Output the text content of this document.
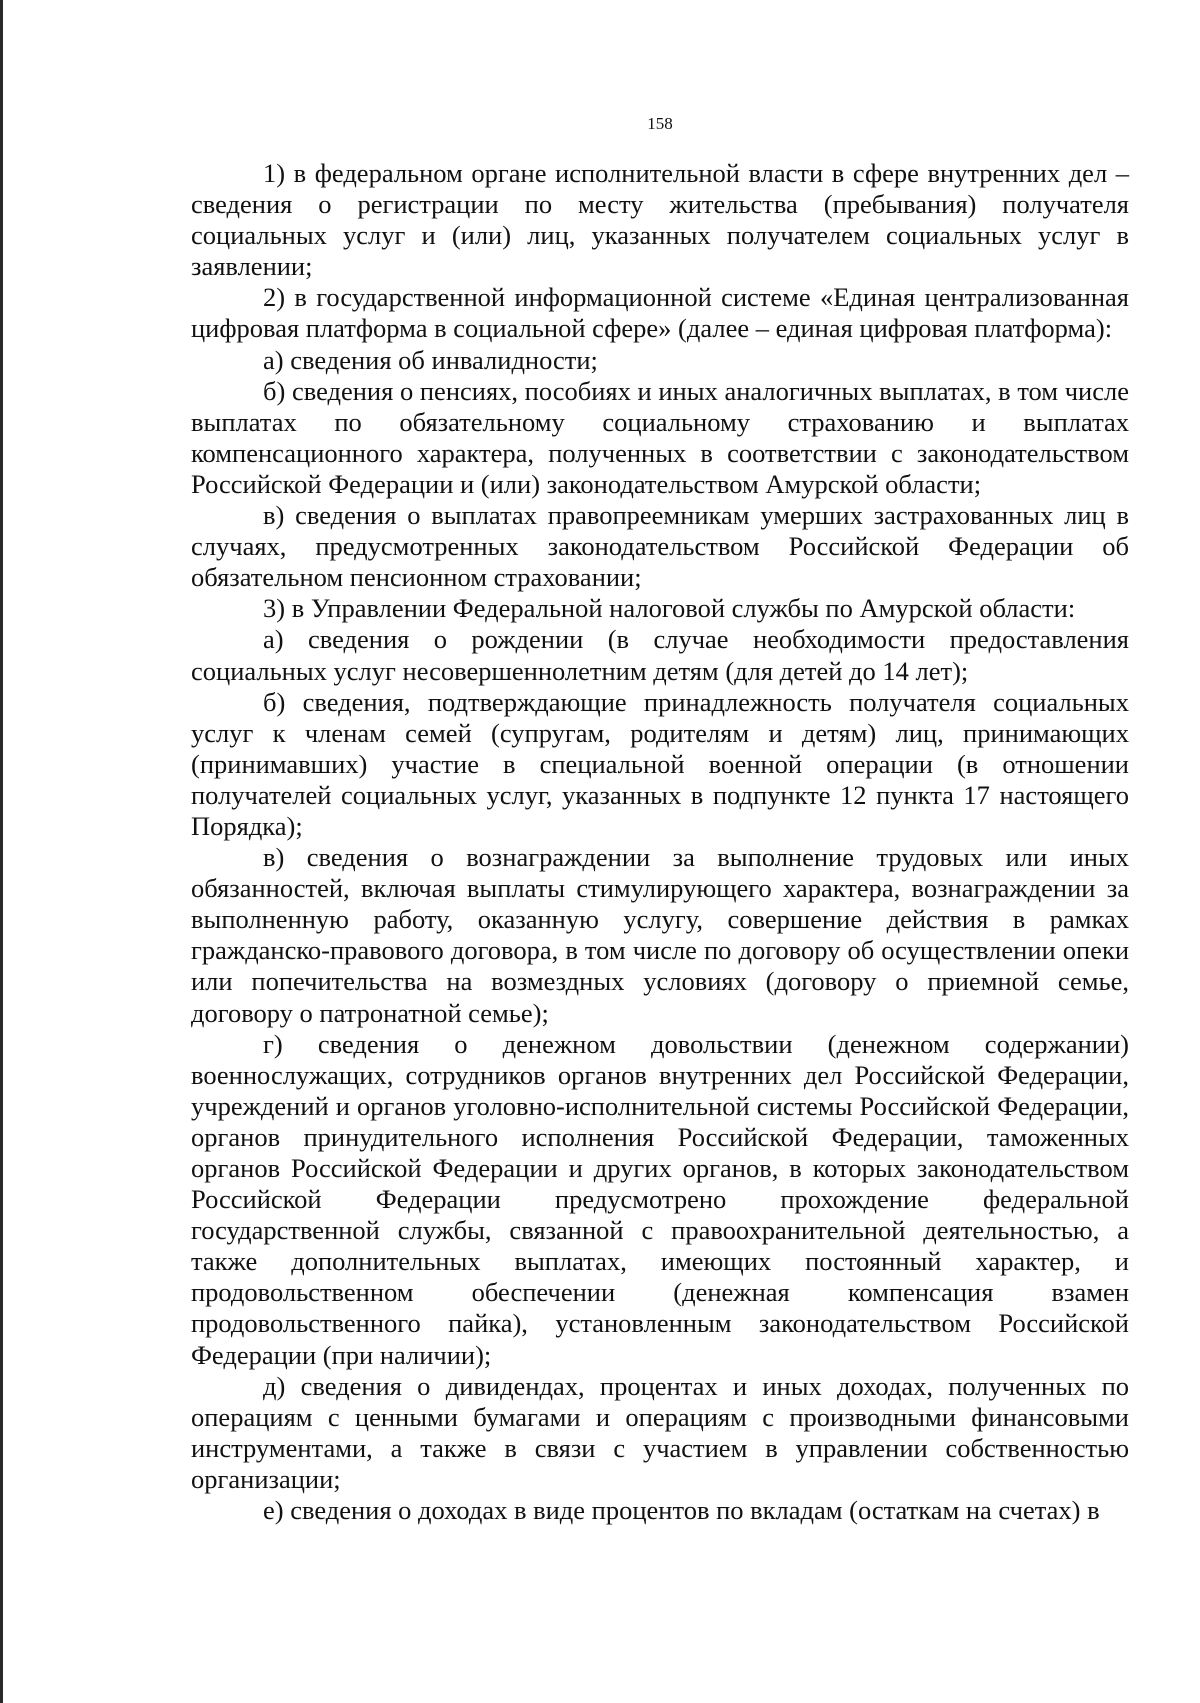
158

1) в федеральном органе исполнительной власти в сфере внутренних дел – сведения о регистрации по месту жительства (пребывания) получателя социальных услуг и (или) лиц, указанных получателем социальных услуг в заявлении;

2) в государственной информационной системе «Единая централизованная цифровая платформа в социальной сфере» (далее – единая цифровая платформа):

а) сведения об инвалидности;

б) сведения о пенсиях, пособиях и иных аналогичных выплатах, в том числе выплатах по обязательному социальному страхованию и выплатах компенсационного характера, полученных в соответствии с законодательством Российской Федерации и (или) законодательством Амурской области;

в) сведения о выплатах правопреемникам умерших застрахованных лиц в случаях, предусмотренных законодательством Российской Федерации об обязательном пенсионном страховании;

3) в Управлении Федеральной налоговой службы по Амурской области:

а) сведения о рождении (в случае необходимости предоставления социальных услуг несовершеннолетним детям (для детей до 14 лет);

б) сведения, подтверждающие принадлежность получателя социальных услуг к членам семей (супругам, родителям и детям) лиц, принимающих (принимавших) участие в специальной военной операции (в отношении получателей социальных услуг, указанных в подпункте 12 пункта 17 настоящего Порядка);

в) сведения о вознаграждении за выполнение трудовых или иных обязанностей, включая выплаты стимулирующего характера, вознаграждении за выполненную работу, оказанную услугу, совершение действия в рамках гражданско-правового договора, в том числе по договору об осуществлении опеки или попечительства на возмездных условиях (договору о приемной семье, договору о патронатной семье);

г) сведения о денежном довольствии (денежном содержании) военнослужащих, сотрудников органов внутренних дел Российской Федерации, учреждений и органов уголовно-исполнительной системы Российской Федерации, органов принудительного исполнения Российской Федерации, таможенных органов Российской Федерации и других органов, в которых законодательством Российской Федерации предусмотрено прохождение федеральной государственной службы, связанной с правоохранительной деятельностью, а также дополнительных выплатах, имеющих постоянный характер, и продовольственном обеспечении (денежная компенсация взамен продовольственного пайка), установленным законодательством Российской Федерации (при наличии);

д) сведения о дивидендах, процентах и иных доходах, полученных по операциям с ценными бумагами и операциям с производными финансовыми инструментами, а также в связи с участием в управлении собственностью организации;

е) сведения о доходах в виде процентов по вкладам (остаткам на счетах) в
